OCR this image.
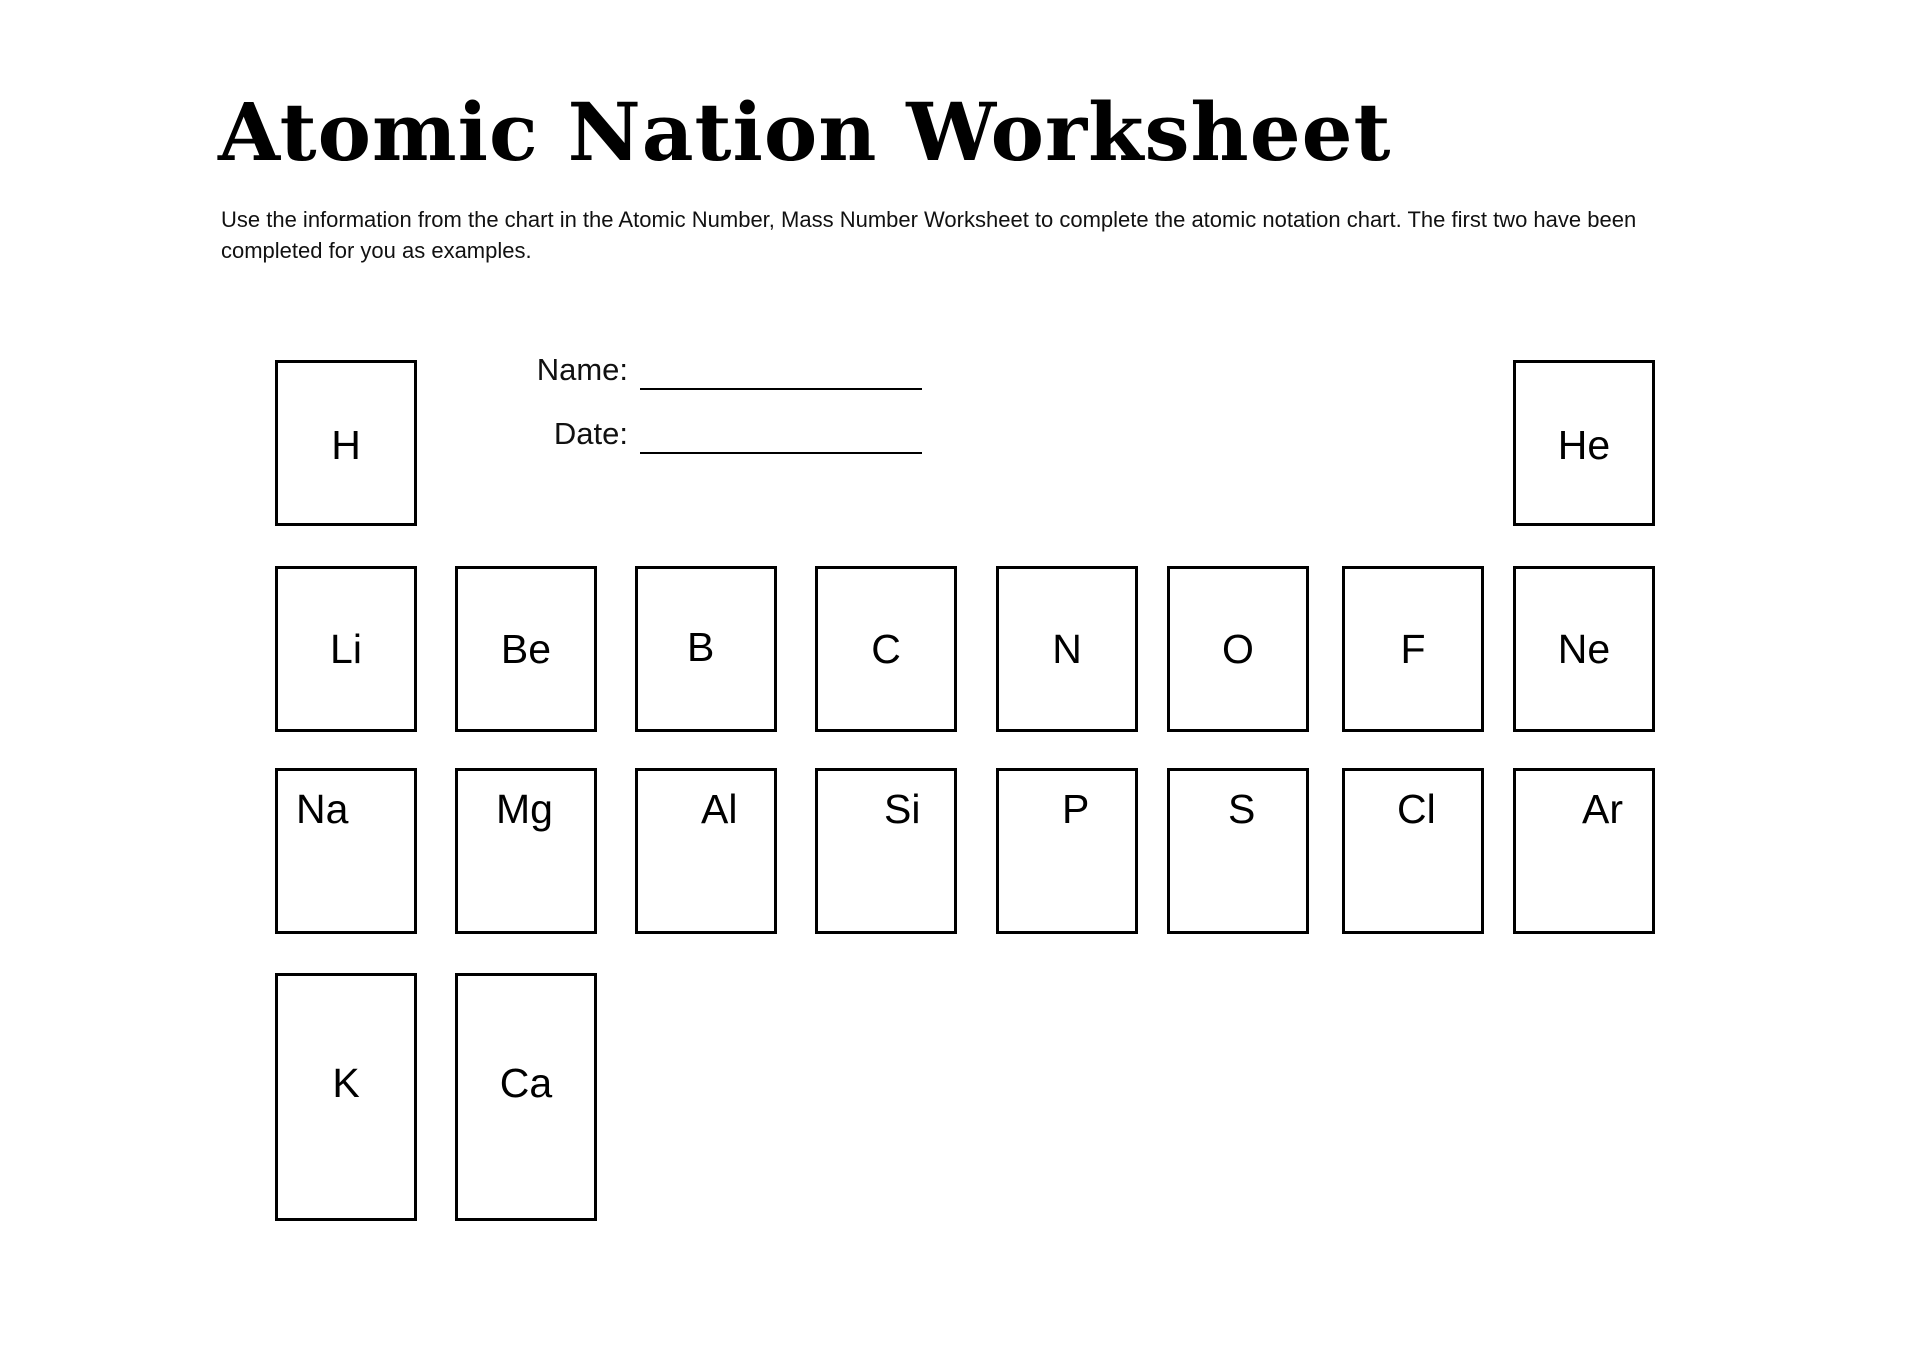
Atomic Nation Worksheet

Use the information from the chart in the Atomic Number, Mass Number Worksheet to complete the atomic notation chart. The first two have been completed for you as examples.

Name:
Date:
H	He
Li	Be	B	C	N	O	F	Ne
Na	Mg	Al	Si	P	S	Cl	Ar
K	Ca
